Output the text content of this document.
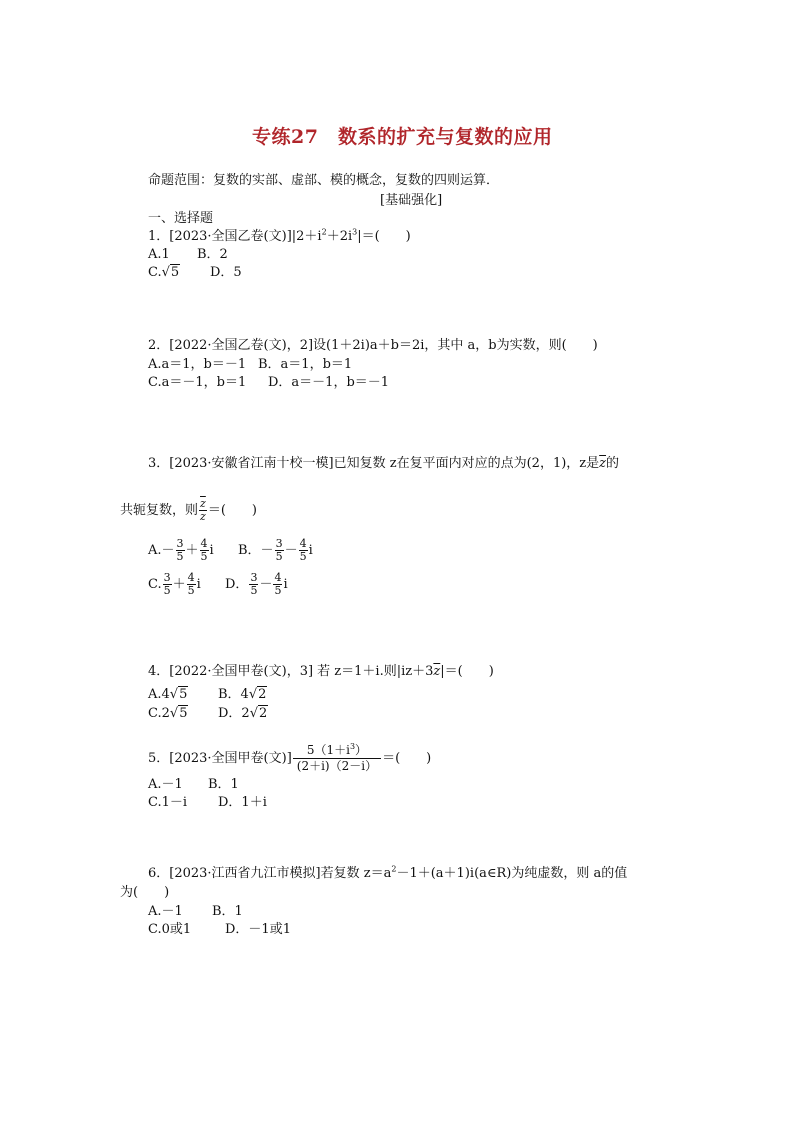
专练27　数系的扩充与复数的应用
命题范围：复数的实部、虚部、模的概念，复数的四则运算．
[基础强化]
一、选择题
1．[2023·全国乙卷(文)]$|2+i^2+2i^3|=$(　　)
A.1 B．2
C.√5 D．5
2．[2022·全国乙卷(文)，2]设(1＋2i)a＋b＝2i，其中 a，b为实数，则(　　)
A.a＝1，b＝－1 B．a＝1，b＝1
C.a＝－1，b＝1 D．a＝－1，b＝－1
3．[2023·安徽省江南十校一模]已知复数 z在复平面内对应的点为(2，1)，z是$\overline{z}$的
共轭复数，则 $\frac{\overline{z}}{z}$ ＝(　　)
$A.- \frac{3}{5} + \frac{4}{5}$ i B．－ $\frac{3}{5} - \frac{4}{5}$ i
C. $\frac{3}{5} + \frac{4}{5}$ i D． $\frac{3}{5} - \frac{4}{5}$ i
4．[2022·全国甲卷(文)，3] 若 z＝1＋i.则$|iz+3\overline{z}|=$(　　)
A.4√5 B．4√2
C.2√5 D．2√2
5．[2023·全国甲卷(文)] $\frac{5(1+i^3)}{(2+i)(2-i)}$ ＝(　　)
A.－1 B．1
C.1－i D．1＋i
6．[2023·江西省九江市模拟]若复数 $z=a^2-1+(a+1)i(a\in R)$为纯虚数，则 a的值
为(　　)
A.－1 B．1
C.0或1	D．－1或1
